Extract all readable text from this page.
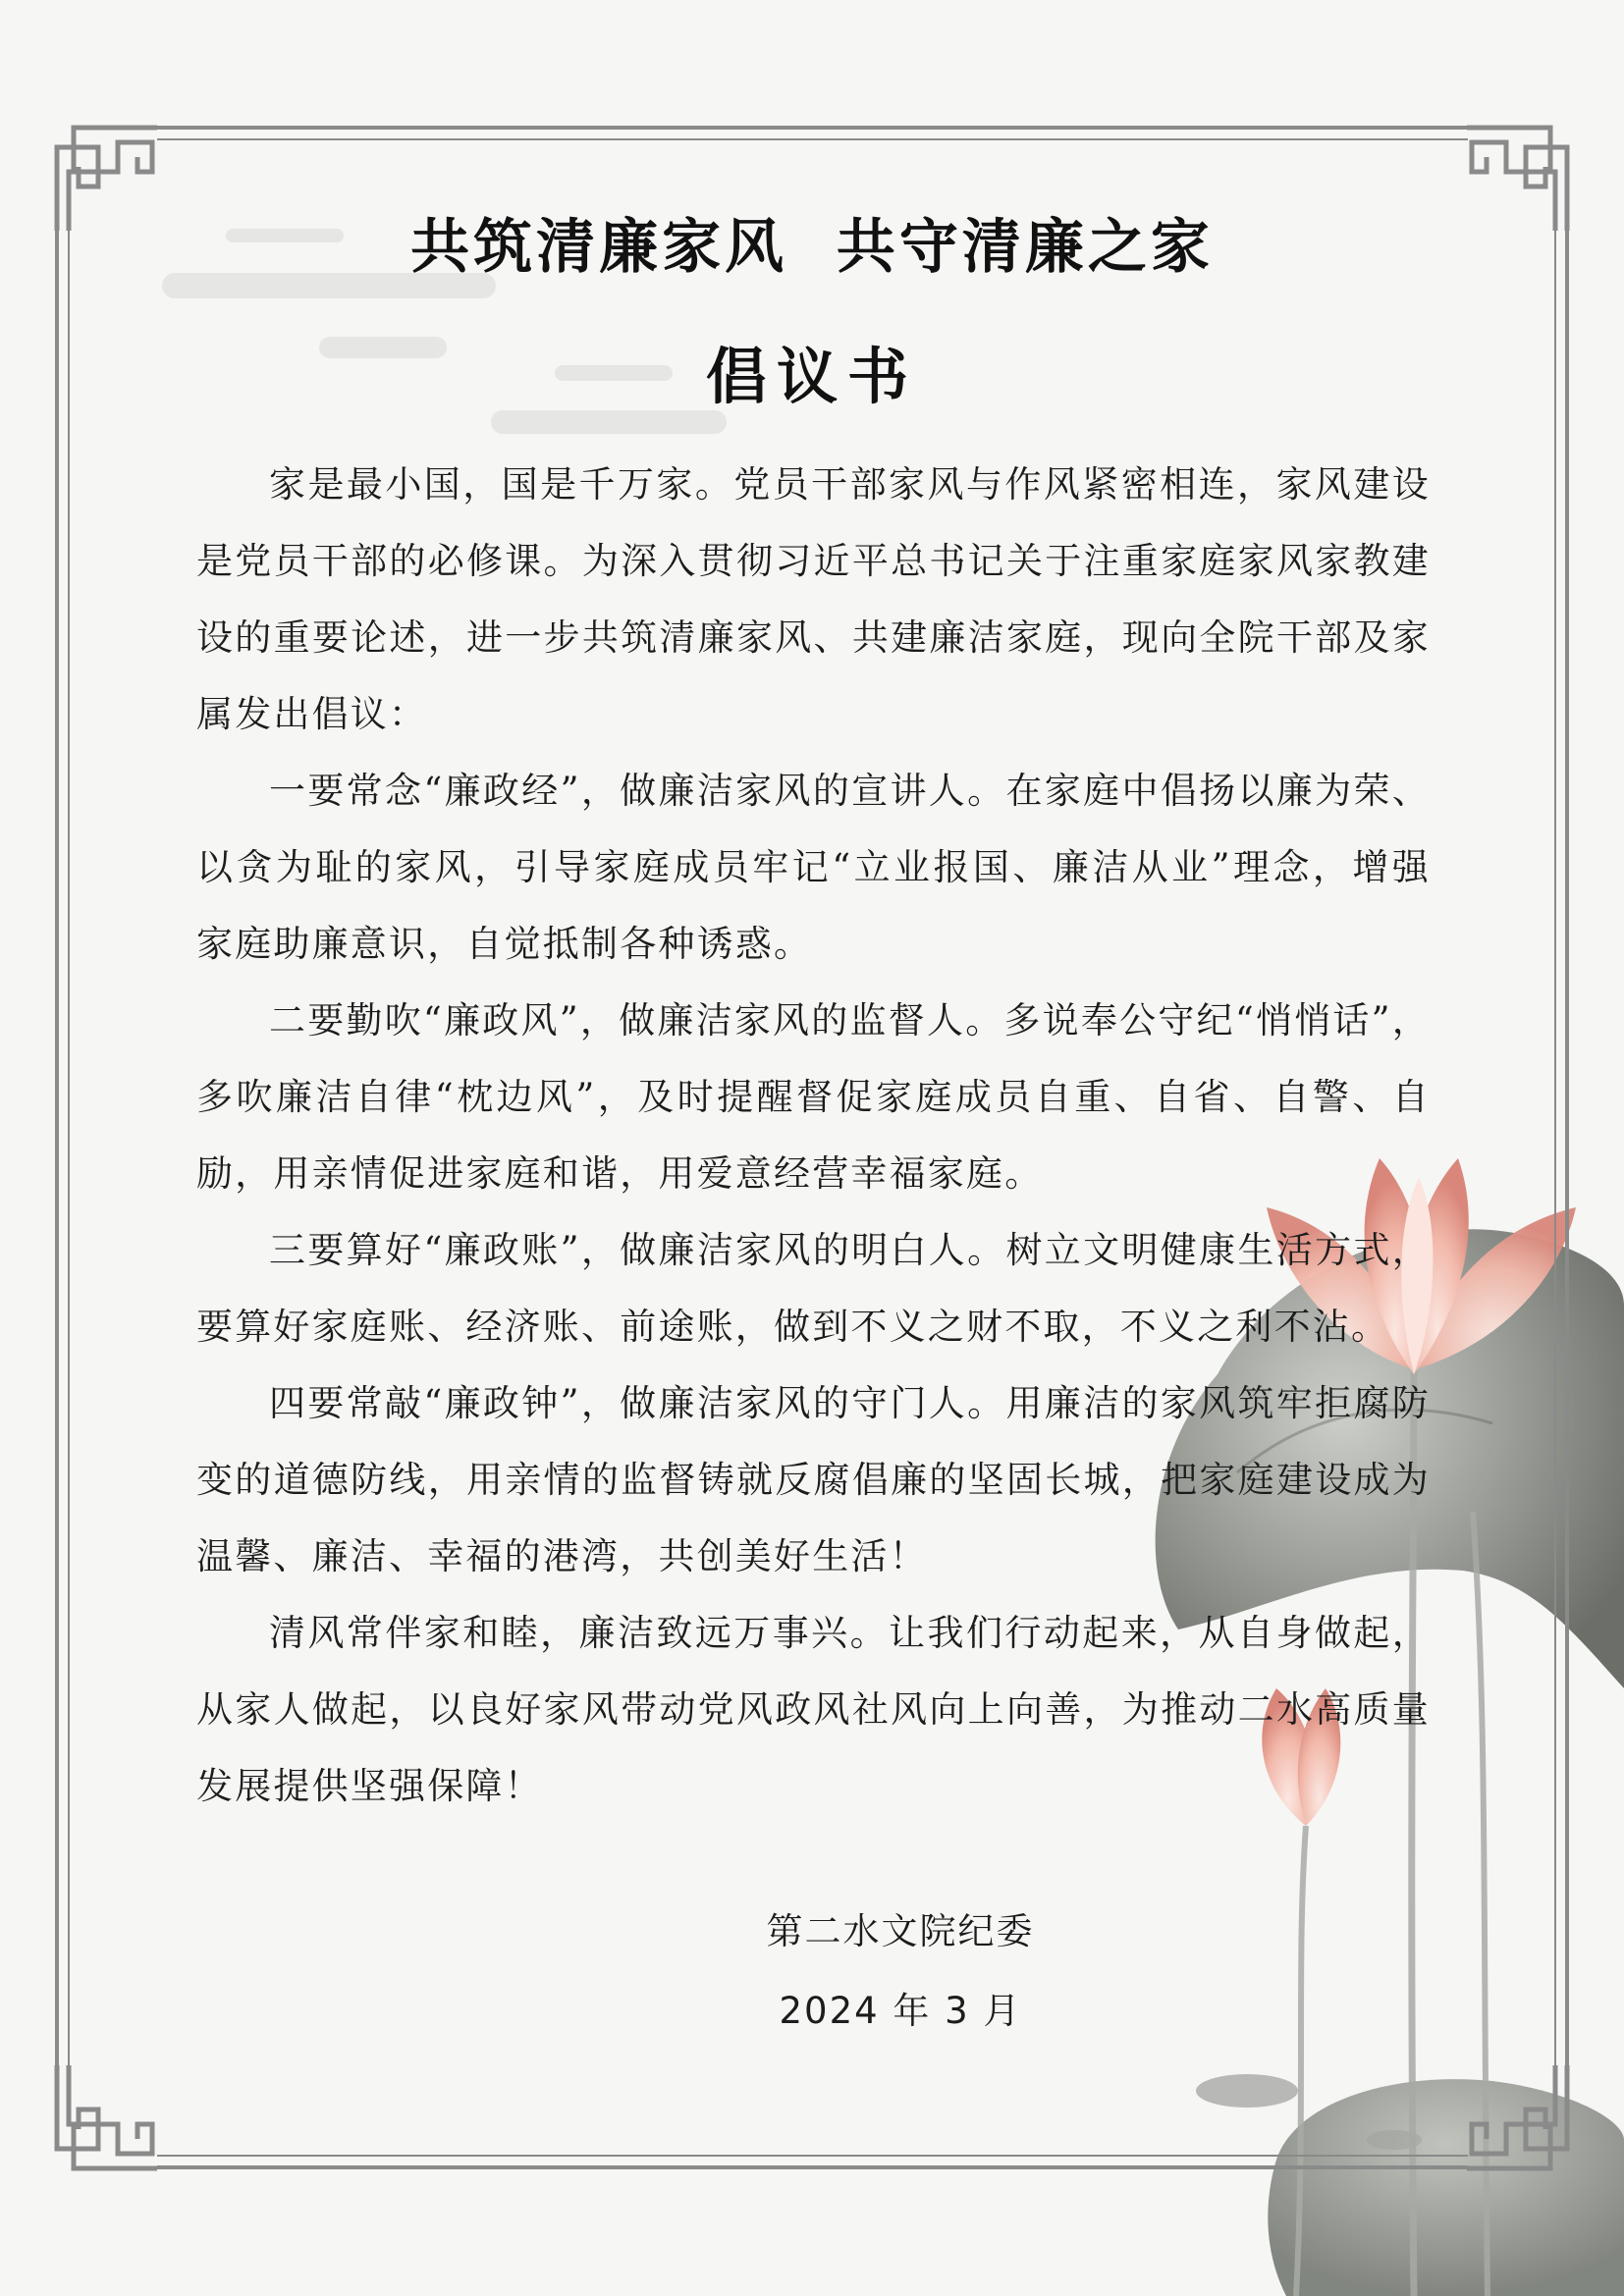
共筑清廉家风  共守清廉之家
倡议书

家是最小国，国是千万家。党员干部家风与作风紧密相连，家风建设是党员干部的必修课。为深入贯彻习近平总书记关于注重家庭家风家教建设的重要论述，进一步共筑清廉家风、共建廉洁家庭，现向全院干部及家属发出倡议：

一要常念“廉政经”，做廉洁家风的宣讲人。在家庭中倡扬以廉为荣、以贪为耻的家风，引导家庭成员牢记“立业报国、廉洁从业”理念，增强家庭助廉意识，自觉抵制各种诱惑。

二要勤吹“廉政风”，做廉洁家风的监督人。多说奉公守纪“悄悄话”，多吹廉洁自律“枕边风”，及时提醒督促家庭成员自重、自省、自警、自励，用亲情促进家庭和谐，用爱意经营幸福家庭。

三要算好“廉政账”，做廉洁家风的明白人。树立文明健康生活方式，要算好家庭账、经济账、前途账，做到不义之财不取，不义之利不沾。

四要常敲“廉政钟”，做廉洁家风的守门人。用廉洁的家风筑牢拒腐防变的道德防线，用亲情的监督铸就反腐倡廉的坚固长城，把家庭建设成为温馨、廉洁、幸福的港湾，共创美好生活！

清风常伴家和睦，廉洁致远万事兴。让我们行动起来，从自身做起，从家人做起，以良好家风带动党风政风社风向上向善，为推动二水高质量发展提供坚强保障！

第二水文院纪委
2024 年 3 月
